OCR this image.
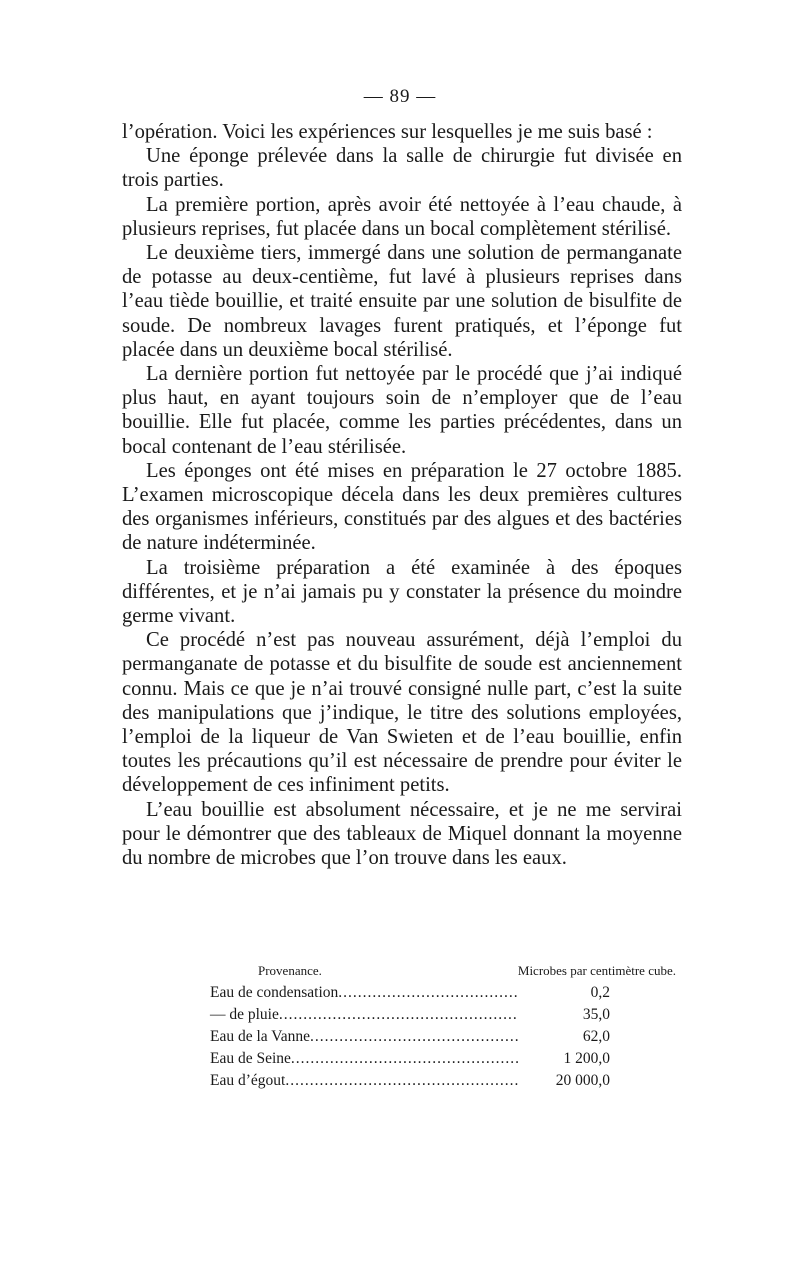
— 89 —

l’opération. Voici les expériences sur lesquelles je me suis basé :

Une éponge prélevée dans la salle de chirurgie fut divisée en trois parties.

La première portion, après avoir été nettoyée à l’eau chaude, à plusieurs reprises, fut placée dans un bocal complètement stérilisé.

Le deuxième tiers, immergé dans une solution de permanganate de potasse au deux-centième, fut lavé à plusieurs reprises dans l’eau tiède bouillie, et traité ensuite par une solution de bisulfite de soude. De nombreux lavages furent pratiqués, et l’éponge fut placée dans un deuxième bocal stérilisé.

La dernière portion fut nettoyée par le procédé que j’ai indiqué plus haut, en ayant toujours soin de n’employer que de l’eau bouillie. Elle fut placée, comme les parties précédentes, dans un bocal contenant de l’eau stérilisée.

Les éponges ont été mises en préparation le 27 octobre 1885. L’examen microscopique décela dans les deux premières cultures des organismes inférieurs, constitués par des algues et des bactéries de nature indéterminée.

La troisième préparation a été examinée à des époques différentes, et je n’ai jamais pu y constater la présence du moindre germe vivant.

Ce procédé n’est pas nouveau assurément, déjà l’emploi du permanganate de potasse et du bisulfite de soude est anciennement connu. Mais ce que je n’ai trouvé consigné nulle part, c’est la suite des manipulations que j’indique, le titre des solutions employées, l’emploi de la liqueur de Van Swieten et de l’eau bouillie, enfin toutes les précautions qu’il est nécessaire de prendre pour éviter le développement de ces infiniment petits.

L’eau bouillie est absolument nécessaire, et je ne me servirai pour le démontrer que des tableaux de Miquel donnant la moyenne du nombre de microbes que l’on trouve dans les eaux.

Provenance.	Microbes par centimètre cube.
Eau de condensation .....	0,2
— de pluie .....	35,0
Eau de la Vanne .....	62,0
Eau de Seine .....	1 200,0
Eau d’égout .....	20 000,0
